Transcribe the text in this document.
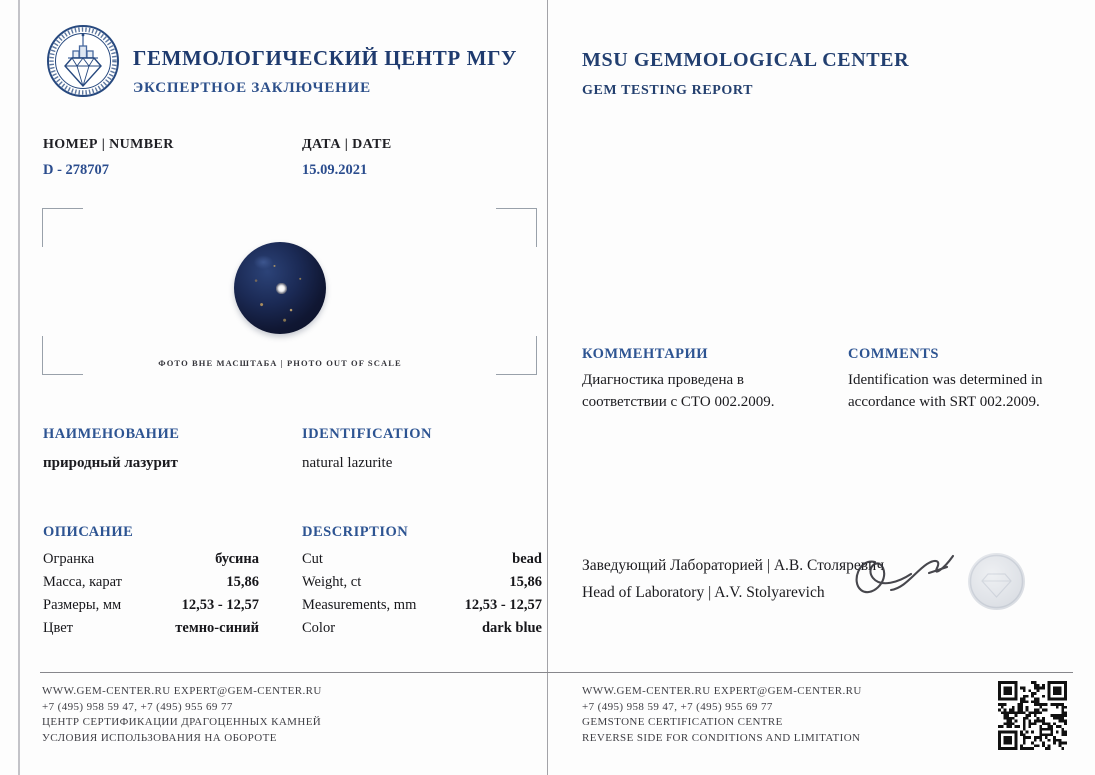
ГЕММОЛОГИЧЕСКИЙ ЦЕНТР МГУ
ЭКСПЕРТНОЕ ЗАКЛЮЧЕНИЕ
НОМЕР | NUMBER
D - 278707
ДАТА | DATE
15.09.2021
ФОТО ВНЕ МАСШТАБА | PHOTO OUT OF SCALE
НАИМЕНОВАНИЕ
природный лазурит
IDENTIFICATION
natural lazurite
ОПИСАНИЕ
Огранка	бусина
Масса, карат	15,86
Размеры, мм	12,53 - 12,57
Цвет	темно-синий
DESCRIPTION
Cut	bead
Weight, ct	15,86
Measurements, mm	12,53 - 12,57
Color	dark blue
MSU GEMMOLOGICAL CENTER
GEM TESTING REPORT
КОММЕНТАРИИ
Диагностика проведена в соответствии с СТО 002.2009.
COMMENTS
Identification was determined in accordance with SRT 002.2009.
Заведующий Лабораторией | А.В. Столяревич
Head of Laboratory | A.V. Stolyarevich
WWW.GEM-CENTER.RU EXPERT@GEM-CENTER.RU
+7 (495) 958 59 47, +7 (495) 955 69 77
ЦЕНТР СЕРТИФИКАЦИИ ДРАГОЦЕННЫХ КАМНЕЙ
УСЛОВИЯ ИСПОЛЬЗОВАНИЯ НА ОБОРОТЕ
WWW.GEM-CENTER.RU EXPERT@GEM-CENTER.RU
+7 (495) 958 59 47, +7 (495) 955 69 77
GEMSTONE CERTIFICATION CENTRE
REVERSE SIDE FOR CONDITIONS AND LIMITATION
